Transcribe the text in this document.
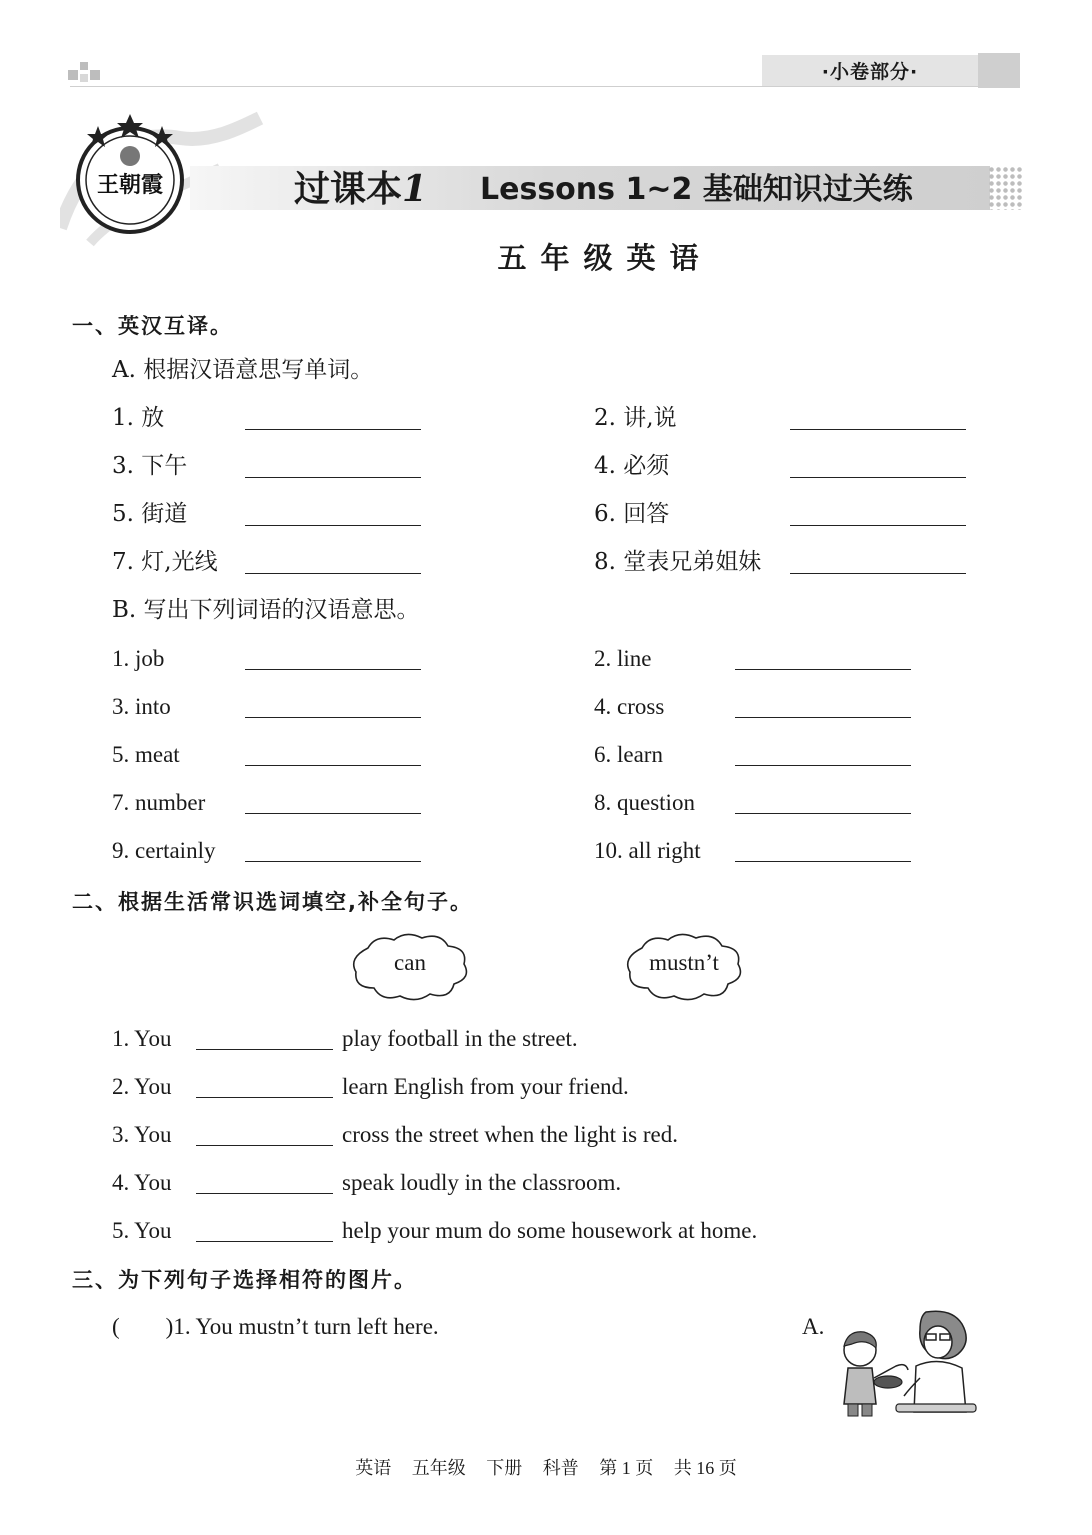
·小卷部分·
王朝霞	过课本1 Lessons 1~2 基础知识过关练
五年级英语
一、英汉互译。
A. 根据汉语意思写单词。
1. 放	2. 讲,说
3. 下午	4. 必须
5. 街道	6. 回答
7. 灯,光线	8. 堂表兄弟姐妹
B. 写出下列词语的汉语意思。
1. job	2. line
3. into	4. cross
5. meat	6. learn
7. number	8. question
9. certainly	10. all right
二、根据生活常识选词填空,补全句子。
can	mustn’t
1. You	play football in the street.
2. You	learn English from your friend.
3. You	cross the street when the light is red.
4. You	speak loudly in the classroom.
5. You	help your mum do some housework at home.
三、为下列句子选择相符的图片。
(　　)1. You mustn’t turn left here.	A.
英语 五年级 下册 科普 第 1 页 共 16 页
